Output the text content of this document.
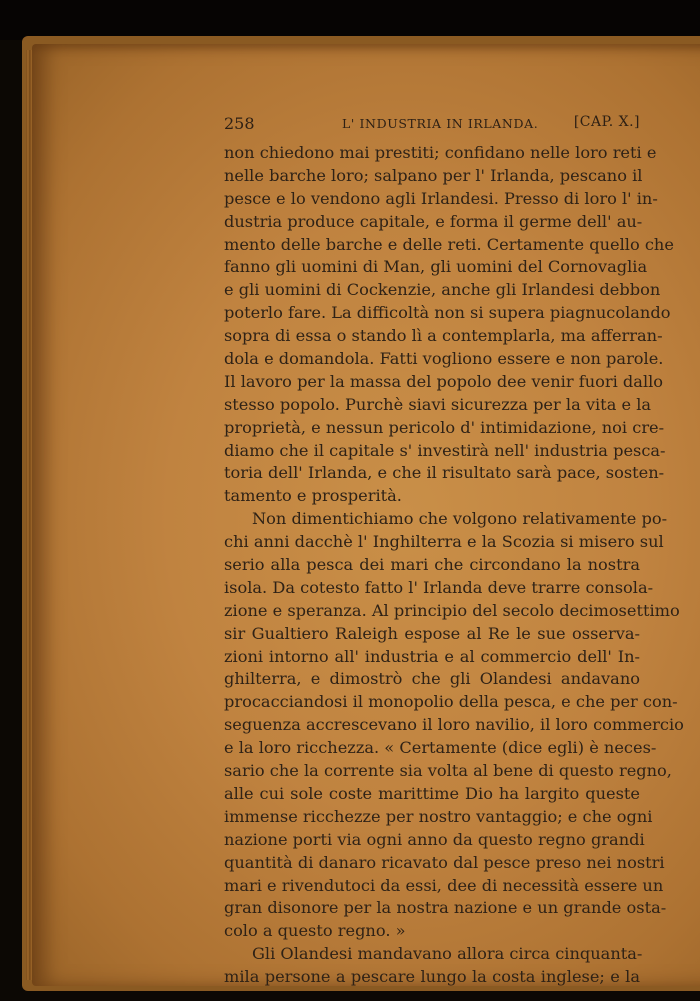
258	L' INDUSTRIA IN IRLANDA.	[CAP. X.]
non chiedono mai prestiti; confidano nelle loro reti e
nelle barche loro; salpano per l' Irlanda, pescano il
pesce e lo vendono agli Irlandesi. Presso di loro l' in-
dustria produce capitale, e forma il germe dell' au-
mento delle barche e delle reti. Certamente quello che
fanno gli uomini di Man, gli uomini del Cornovaglia
e gli uomini di Cockenzie, anche gli Irlandesi debbon
poterlo fare. La difficoltà non si supera piagnucolando
sopra di essa o stando lì a contemplarla, ma afferran-
dola e domandola. Fatti vogliono essere e non parole.
Il lavoro per la massa del popolo dee venir fuori dallo
stesso popolo. Purchè siavi sicurezza per la vita e la
proprietà, e nessun pericolo d' intimidazione, noi cre-
diamo che il capitale s' investirà nell' industria pesca-
toria dell' Irlanda, e che il risultato sarà pace, sosten-
tamento e prosperità.
Non dimentichiamo che volgono relativamente po-
chi anni dacchè l' Inghilterra e la Scozia si misero sul
serio alla pesca dei mari che circondano la nostra
isola. Da cotesto fatto l' Irlanda deve trarre consola-
zione e speranza. Al principio del secolo decimosettimo
sir Gualtiero Raleigh espose al Re le sue osserva-
zioni intorno all' industria e al commercio dell' In-
ghilterra, e dimostrò che gli Olandesi andavano
procacciandosi il monopolio della pesca, e che per con-
seguenza accrescevano il loro navilio, il loro commercio
e la loro ricchezza. « Certamente (dice egli) è neces-
sario che la corrente sia volta al bene di questo regno,
alle cui sole coste marittime Dio ha largito queste
immense ricchezze per nostro vantaggio; e che ogni
nazione porti via ogni anno da questo regno grandi
quantità di danaro ricavato dal pesce preso nei nostri
mari e rivendutoci da essi, dee di necessità essere un
gran disonore per la nostra nazione e un grande osta-
colo a questo regno. »
Gli Olandesi mandavano allora circa cinquanta-
mila persone a pescare lungo la costa inglese; e la
